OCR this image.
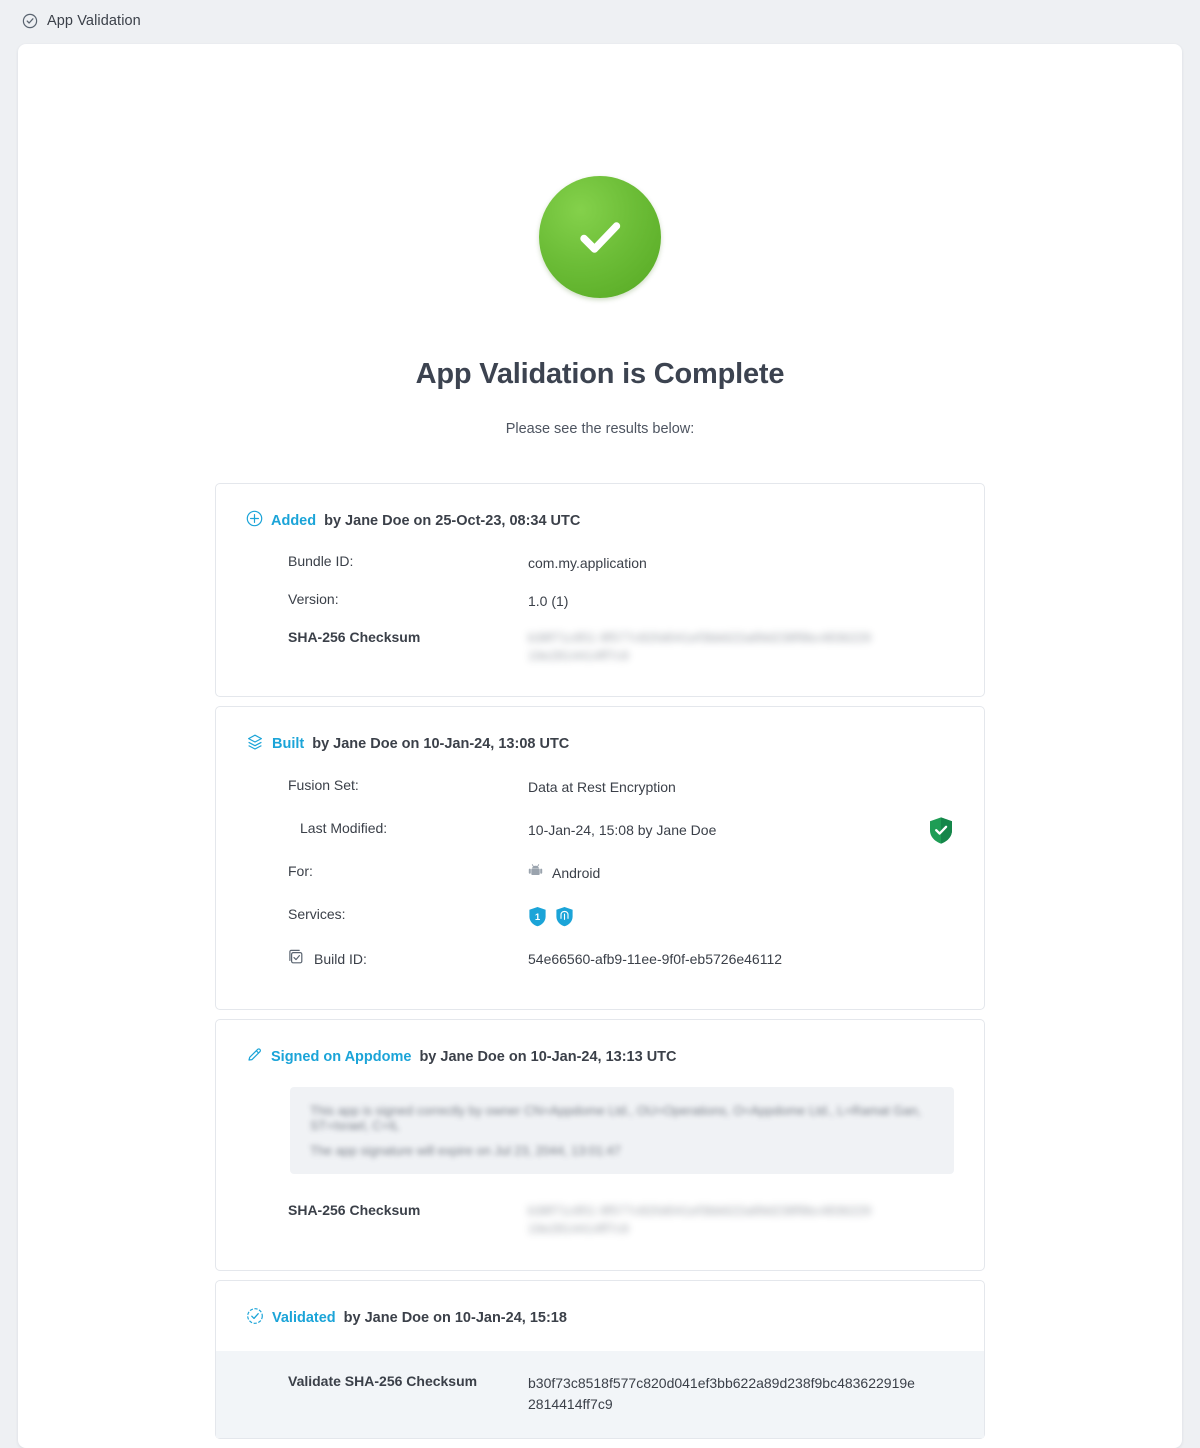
App Validation
App Validation is Complete
Please see the results below:
Added by Jane Doe on 25-Oct-23, 08:34 UTC
Bundle ID:	com.my.application
Version:	1.0 (1)
SHA-256 Checksum	b38f71c851 8f577c820d041ef3bb622a89d238f9bc4836229 19e2814414ff7c9
Built by Jane Doe on 10-Jan-24, 13:08 UTC
Fusion Set:	Data at Rest Encryption
Last Modified:	10-Jan-24, 15:08 by Jane Doe
For:	Android
Services:	1
Build ID:	54e66560-afb9-11ee-9f0f-eb5726e46112
Signed on Appdome by Jane Doe on 10-Jan-24, 13:13 UTC

This app is signed correctly by owner CN=Appdome Ltd., OU=Operations, O=Appdome Ltd., L=Ramat Gan, ST=Israel, C=IL

The app signature will expire on Jul 23, 2044, 13:01:47

SHA-256 Checksum	b38f71c851 8f577c820d041ef3bb622a89d238f9bc4836229 19e2814414ff7c9
Validated by Jane Doe on 10-Jan-24, 15:18
Validate SHA-256 Checksum	b30f73c8518f577c820d041ef3bb622a89d238f9bc483622919e2814414ff7c9
